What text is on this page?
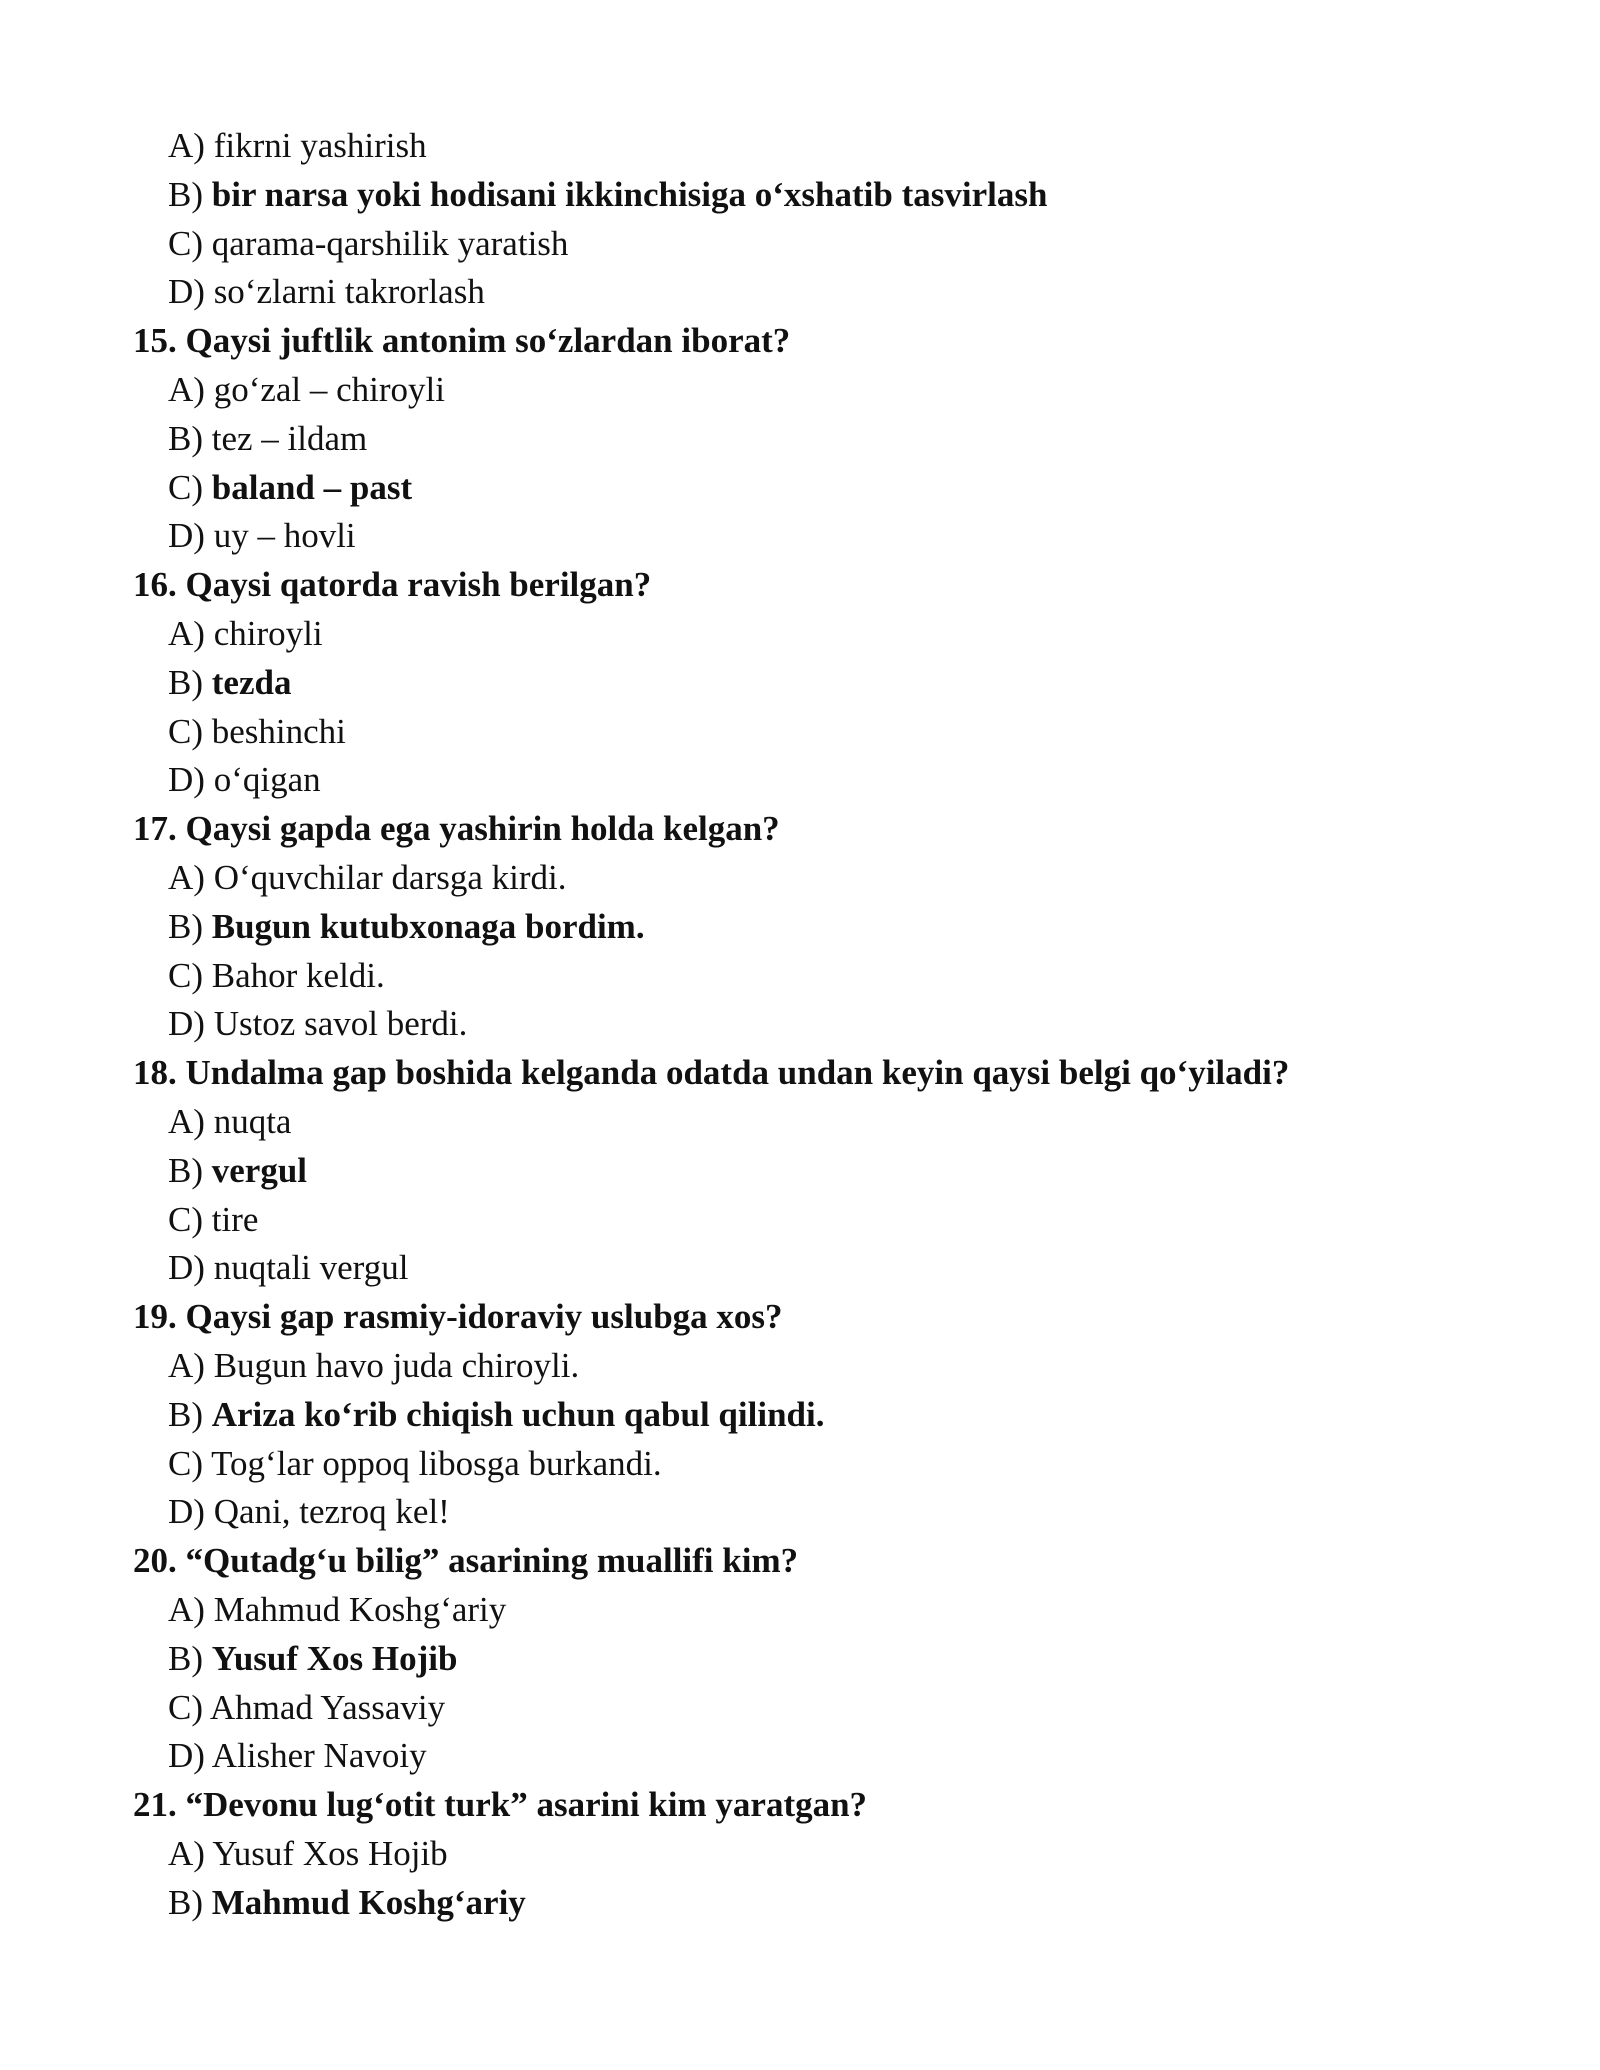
A) fikrni yashirish
B) bir narsa yoki hodisani ikkinchisiga o‘xshatib tasvirlash
C) qarama-qarshilik yaratish
D) so‘zlarni takrorlash
15. Qaysi juftlik antonim so‘zlardan iborat?
A) go‘zal – chiroyli
B) tez – ildam
C) baland – past
D) uy – hovli
16. Qaysi qatorda ravish berilgan?
A) chiroyli
B) tezda
C) beshinchi
D) o‘qigan
17. Qaysi gapda ega yashirin holda kelgan?
A) O‘quvchilar darsga kirdi.
B) Bugun kutubxonaga bordim.
C) Bahor keldi.
D) Ustoz savol berdi.
18. Undalma gap boshida kelganda odatda undan keyin qaysi belgi qo‘yiladi?
A) nuqta
B) vergul
C) tire
D) nuqtali vergul
19. Qaysi gap rasmiy-idoraviy uslubga xos?
A) Bugun havo juda chiroyli.
B) Ariza ko‘rib chiqish uchun qabul qilindi.
C) Tog‘lar oppoq libosga burkandi.
D) Qani, tezroq kel!
20. “Qutadg‘u bilig” asarining muallifi kim?
A) Mahmud Koshg‘ariy
B) Yusuf Xos Hojib
C) Ahmad Yassaviy
D) Alisher Navoiy
21. “Devonu lug‘otit turk” asarini kim yaratgan?
A) Yusuf Xos Hojib
B) Mahmud Koshg‘ariy
